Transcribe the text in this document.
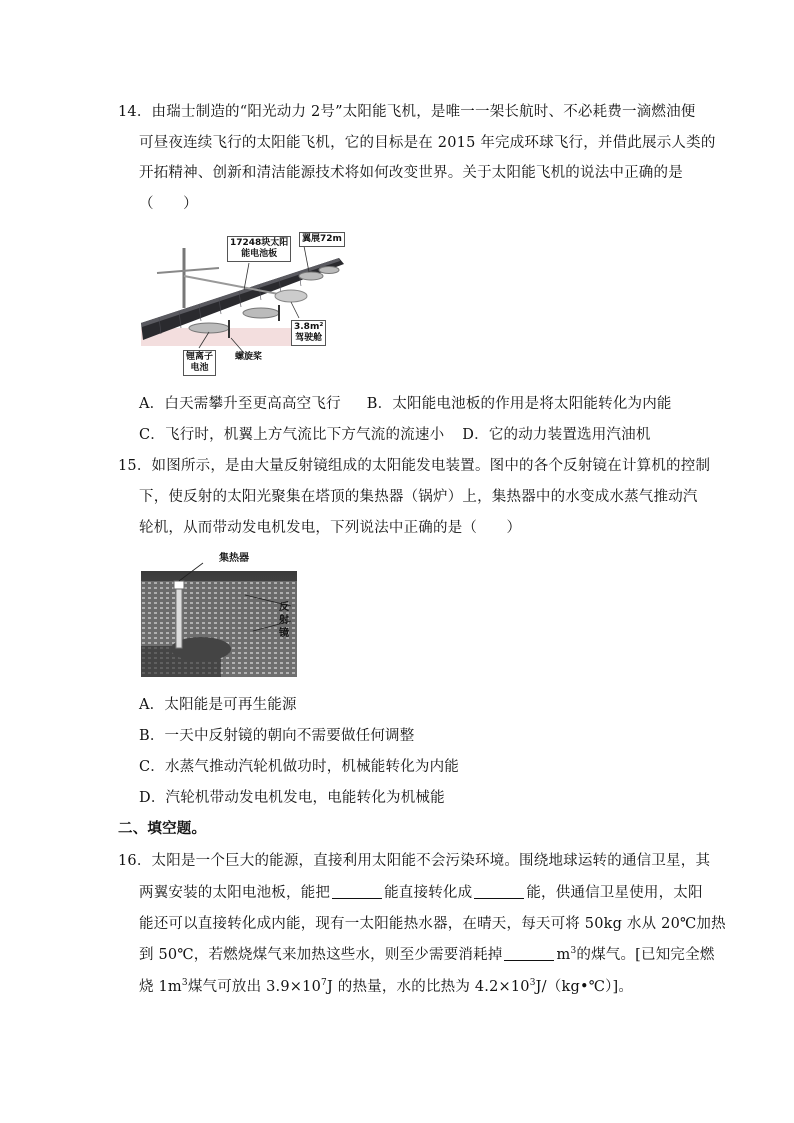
14．由瑞士制造的“阳光动力 2号”太阳能飞机，是唯一一架长航时、不必耗费一滴燃油便
可昼夜连续飞行的太阳能飞机，它的目标是在 2015 年完成环球飞行，并借此展示人类的
开拓精神、创新和清洁能源技术将如何改变世界。关于太阳能飞机的说法中正确的是
（　　）
17248块太阳
能电池板
翼展72m
3.8m²
驾驶舱
锂离子
电池
螺旋桨
A．白天需攀升至更高高空飞行 B．太阳能电池板的作用是将太阳能转化为内能
C．飞行时，机翼上方气流比下方气流的流速小 D．它的动力装置选用汽油机
15．如图所示，是由大量反射镜组成的太阳能发电装置。图中的各个反射镜在计算机的控制
下，使反射的太阳光聚集在塔顶的集热器（锅炉）上，集热器中的水变成水蒸气推动汽
轮机，从而带动发电机发电，下列说法中正确的是（　　）
集热器
反
射
镜
A．太阳能是可再生能源
B．一天中反射镜的朝向不需要做任何调整
C．水蒸气推动汽轮机做功时，机械能转化为内能
D．汽轮机带动发电机发电，电能转化为机械能
二、填空题。
16．太阳是一个巨大的能源，直接利用太阳能不会污染环境。围绕地球运转的通信卫星，其
两翼安装的太阳电池板，能把	能直接转化成	能，供通信卫星使用，太阳
能还可以直接转化成内能，现有一太阳能热水器，在晴天，每天可将 50kg 水从 20℃加热
到 50℃，若燃烧煤气来加热这些水，则至少需要消耗掉	$m^3$的煤气。[已知完全燃
烧 $1m^3$煤气可放出 $3.9\times 10^7J$ 的热量，水的比热为 $4.2\times 10^3J/(kg•℃)$]。
